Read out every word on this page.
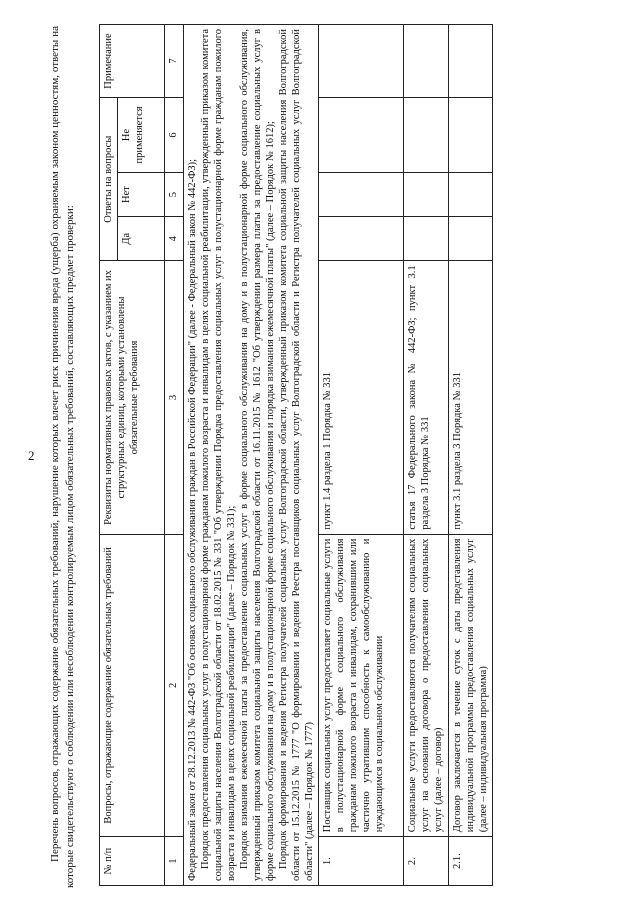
2 Перечень вопросов, отражающих содержание обязательных требований, нарушение которых влечет риск причинения вреда (ущерба) охраняемым законом ценностям, ответы на которые свидетельствуют о соблюдении или несоблюдении контролируемым лицом обязательных требований, составляющих предмет проверки:	№ п/п	Вопросы, отражающие содержание обязательных требований	Реквизиты нормативных правовых актов, с указанием их структурных единиц, которыми установлены обязательные требования	Ответы на вопросы			Примечание
			Да	Нет	Не применяется	
1	2	3	4	5	6	7

Федеральный закон от 28.12.2013 № 442-ФЗ "Об основах социального обслуживания граждан в Российской Федерации" (далее - Федеральный закон № 442-ФЗ); Порядок предоставления социальных услуг в полустационарной форме гражданам пожилого возраста и инвалидам в целях социальной реабилитации, утвержденный приказом комитета социальной защиты населения Волгоградской области от 18.02.2015 № 331 "Об утверждении Порядка предоставления социальных услуг в полустационарной форме гражданам пожилого возраста и инвалидам в целях социальной реабилитации" (далее – Порядок № 331); Порядок взимания ежемесячной платы за предоставление социальных услуг в форме социального обслуживания на дому и в полустационарной форме социального обслуживания, утвержденный приказом комитета социальной защиты населения Волгоградской области от 16.11.2015 № 1612 "Об утверждении размера платы за предоставление социальных услуг в форме социального обслуживания на дому и в полустационарной форме социального обслуживания и порядка взимания ежемесячной платы" (далее – Порядок № 1612); Порядок формирования и ведения Регистра получателей социальных услуг Волгоградской области, утвержденный приказом комитета социальной защиты населения Волгоградской области от 15.12.2015 № 1777 "О формировании и ведении Реестра поставщиков социальных услуг Волгоградской области и Регистра получателей социальных услуг Волгоградской области" (далее – Порядок № 1777)						

1.	Поставщик социальных услуг предоставляет социальные услуги в полустационарной форме социального обслуживания гражданам пожилого возраста и инвалидам, сохранившим или частично утратившим способность к самообслуживанию и нуждающимся в социальном обслуживании	пункт 1.4 раздела 1 Порядка № 331				
2.	Социальные услуги предоставляются получателям социальных услуг на основании договора о предоставлении социальных услуг (далее – договор)	статья 17 Федерального закона № 442-ФЗ; пункт 3.1 раздела 3 Порядка № 331				
2.1.	Договор заключается в течение суток с даты представления индивидуальной программы предоставления социальных услуг (далее – индивидуальная программа)	пункт 3.1 раздела 3 Порядка № 331				
